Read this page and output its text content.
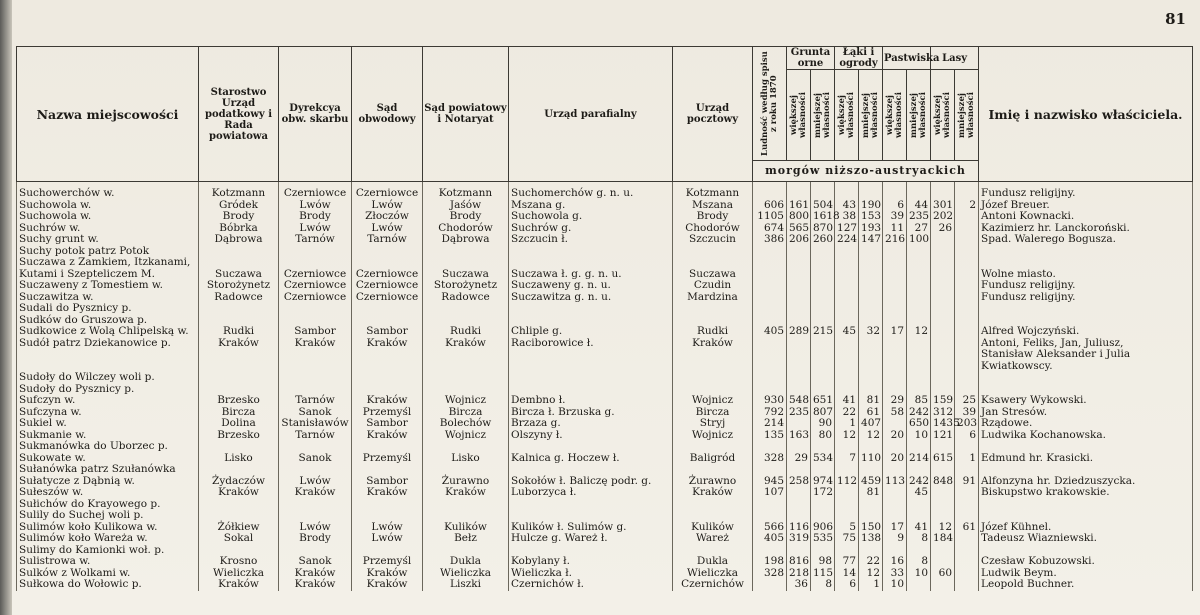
81
Nazwa miejscowości	Starostwo Urząd podatkowy i Rada powiatowa	Dyrekcya obw. skarbu	Sąd obwodowy	Sąd powiatowy i Notaryat	Urząd parafialny	Urząd pocztowy	Ludność według spisu z roku 1870	Grunta orne		Łąki i ogrody		Pastwiska		Lasy		Imię i nazwisko właściciela.
								większej własności	mniejszej własności	większej własności	mniejszej własności	większej własności	mniejszej własności	większej własności	mniejszej własności	
							morgów niższo-austryackich									
Suchowerchów w.	Kotzmann	Czerniowce	Czerniowce	Kotzmann	Suchomerchów g. n. u.	Kotzmann										Fundusz religijny.
Suchowola w.	Gródek	Lwów	Lwów	Jaśów	Mszana g.	Mszana	606	161	504	43	190	6	44	301	2	Józef Breuer.
Suchowola w.	Brody	Brody	Złoczów	Brody	Suchowola g.	Brody	1105	800	1618	38	153	39	235	202		Antoni Kownacki.
Suchrów w.	Bóbrka	Lwów	Lwów	Chodorów	Suchrów g.	Chodorów	674	565	870	127	193	11	27	26		Kazimierz hr. Lanckoroński.
Suchy grunt w.	Dąbrowa	Tarnów	Tarnów	Dąbrowa	Szczucin ł.	Szczucin	386	206	260	224	147	216	100			Spad. Walerego Bogusza.
Suchy potok patrz Potok																
Suczawa z Zamkiem, Itzkanami,																
Kutami i Szepteliczem M.	Suczawa	Czerniowce	Czerniowce	Suczawa	Suczawa ł. g. g. n. u.	Suczawa										Wolne miasto.
Suczaweny z Tomestiem w.	Storożynetz	Czerniowce	Czerniowce	Storożynetz	Suczaweny g. n. u.	Czudin										Fundusz religijny.
Suczawitza w.	Radowce	Czerniowce	Czerniowce	Radowce	Suczawitza g. n. u.	Mardzina										Fundusz religijny.
Sudali do Pysznicy p.																
Sudków do Gruszowa p.																
Sudkowice z Wolą Chlipelską w.	Rudki	Sambor	Sambor	Rudki	Chliple g.	Rudki	405	289	215	45	32	17	12			Alfred Wojczyński.
Sudół patrz Dziekanowice p.	Kraków	Kraków	Kraków	Kraków	Raciborowice ł.	Kraków										Antoni, Feliks, Jan, Juliusz,
																Stanisław Aleksander i Julia
																Kwiatkowscy.
Sudoły do Wilczey woli p.																
Sudoły do Pysznicy p.																
Sufczyn w.	Brzesko	Tarnów	Kraków	Wojnicz	Dembno ł.	Wojnicz	930	548	651	41	81	29	85	159	25	Ksawery Wykowski.
Sufczyna w.	Bircza	Sanok	Przemyśl	Bircza	Bircza ł. Brzuska g.	Bircza	792	235	807	22	61	58	242	312	39	Jan Stresów.
Sukiel w.	Dolina	Stanisławów	Sambor	Bolechów	Brzaza g.	Stryj	214		90	1	407		650	1435	203	Rządowe.
Sukmanie w.	Brzesko	Tarnów	Kraków	Wojnicz	Olszyny ł.	Wojnicz	135	163	80	12	12	20	10	121	6	Ludwika Kochanowska.
Sukmanówka do Uborzec p.																
Sukowate w.	Lisko	Sanok	Przemyśl	Lisko	Kalnica g. Hoczew ł.	Baligród	328	29	534	7	110	20	214	615	1	Edmund hr. Krasicki.
Sułanówka patrz Szułanówka																
Sułatycze z Dąbnią w.	Żydaczów	Lwów	Sambor	Żurawno	Sokołów ł. Baliczę podr. g.	Żurawno	945	258	974	112	459	113	242	848	91	Alfonzyna hr. Dziedzuszycka.
Sułeszów w.	Kraków	Kraków	Kraków	Kraków	Luborzyca ł.	Kraków	107		172		81		45			Biskupstwo krakowskie.
Sułichów do Krayowego p.																
Sulily do Suchej woli p.																
Sulimów koło Kulikowa w.	Żółkiew	Lwów	Lwów	Kulików	Kulików ł. Sulimów g.	Kulików	566	116	906	5	150	17	41	12	61	Józef Kühnel.
Sulimów koło Wareża w.	Sokal	Brody	Lwów	Bełz	Hulcze g. Wareż ł.	Wareż	405	319	535	75	138	9	8	184		Tadeusz Wiazniewski.
Sulimy do Kamionki woł. p.																
Sulistrowa w.	Krosno	Sanok	Przemyśl	Dukla	Kobylany ł.	Dukla	198	816	98	77	22	16	8			Czesław Kobuzowski.
Sulków z Wolkami w.	Wieliczka	Kraków	Kraków	Wieliczka	Wieliczka ł.	Wieliczka	328	218	115	14	12	33	10	60		Ludwik Beym.
Sułkowa do Wołowic p.	Kraków	Kraków	Kraków	Liszki	Czernichów ł.	Czernichów		36	8	6	1	10				Leopold Buchner.
